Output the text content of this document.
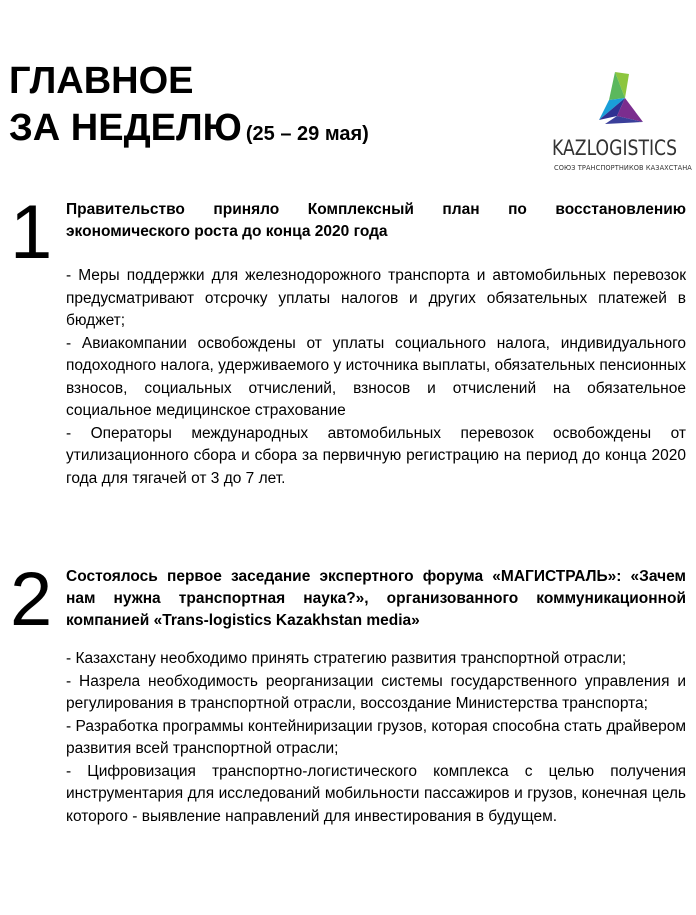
ГЛАВНОЕ
ЗА НЕДЕЛЮ (25 – 29 мая)
KAZLOGISTICS
СОЮЗ ТРАНСПОРТНИКОВ КАЗАХСТАНА
1 Правительство приняло Комплексный план по восстановлению экономического роста до конца 2020 года

- Меры поддержки для железнодорожного транспорта и автомобильных перевозок предусматривают отсрочку уплаты налогов и других обязательных платежей в бюджет;

- Авиакомпании освобождены от уплаты социального налога, индивидуального подоходного налога, удерживаемого у источника выплаты, обязательных пенсионных взносов, социальных отчислений, взносов и отчислений на обязательное социальное медицинское страхование

- Операторы международных автомобильных перевозок освобождены от утилизационного сбора и сбора за первичную регистрацию на период до конца 2020 года для тягачей от 3 до 7 лет.

2 Состоялось первое заседание экспертного форума «МАГИСТРАЛЬ»: «Зачем нам нужна транспортная наука?», организованного коммуникационной компанией «Trans-logistics Kazakhstan media»

- Казахстану необходимо принять стратегию развития транспортной отрасли;

- Назрела необходимость реорганизации системы государственного управления и регулирования в транспортной отрасли, воссоздание Министерства транспорта;

- Разработка программы контейниризации грузов, которая способна стать драйвером развития всей транспортной отрасли;

- Цифровизация транспортно-логистического комплекса с целью получения инструментария для исследований мобильности пассажиров и грузов, конечная цель которого - выявление направлений для инвестирования в будущем.
